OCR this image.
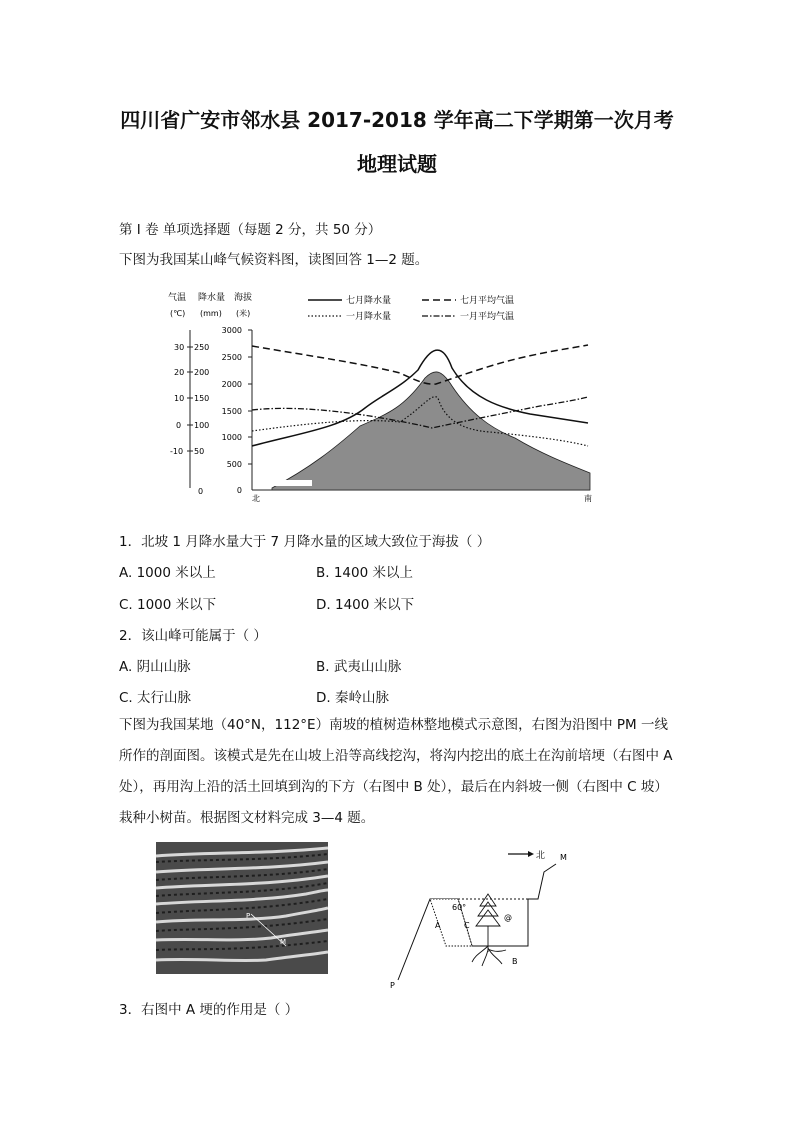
四川省广安市邻水县 2017-2018 学年高二下学期第一次月考
地理试题
第 I 卷 单项选择题（每题 2 分，共 50 分）
下图为我国某山峰气候资料图，读图回答 1—2 题。
气温 降水量 海拔
(℃) (mm) (米)
30 250
20 200
10 150
0 100
-10 50
0
3000
2500
2000
1500
1000
500
0
北	南
七月降水量	七月平均气温
一月降水量	一月平均气温
1．北坡 1 月降水量大于 7 月降水量的区域大致位于海拔（ ）
A. 1000 米以上	B. 1400 米以上
C. 1000 米以下	D. 1400 米以下
2．该山峰可能属于（ ）
A. 阴山山脉	B. 武夷山山脉
C. 太行山脉	D. 秦岭山脉
下图为我国某地（40°N，112°E）南坡的植树造林整地模式示意图，右图为沿图中 PM 一线所作的剖面图。该模式是先在山坡上沿等高线挖沟，将沟内挖出的底土在沟前培埂（右图中 A 处），再用沟上沿的活土回填到沟的下方（右图中 B 处），最后在内斜坡一侧（右图中 C 坡）栽种小树苗。根据图文材料完成 3—4 题。
P
M
北 M
A	C
B
P
60°
@
3．右图中 A 埂的作用是（ ）
